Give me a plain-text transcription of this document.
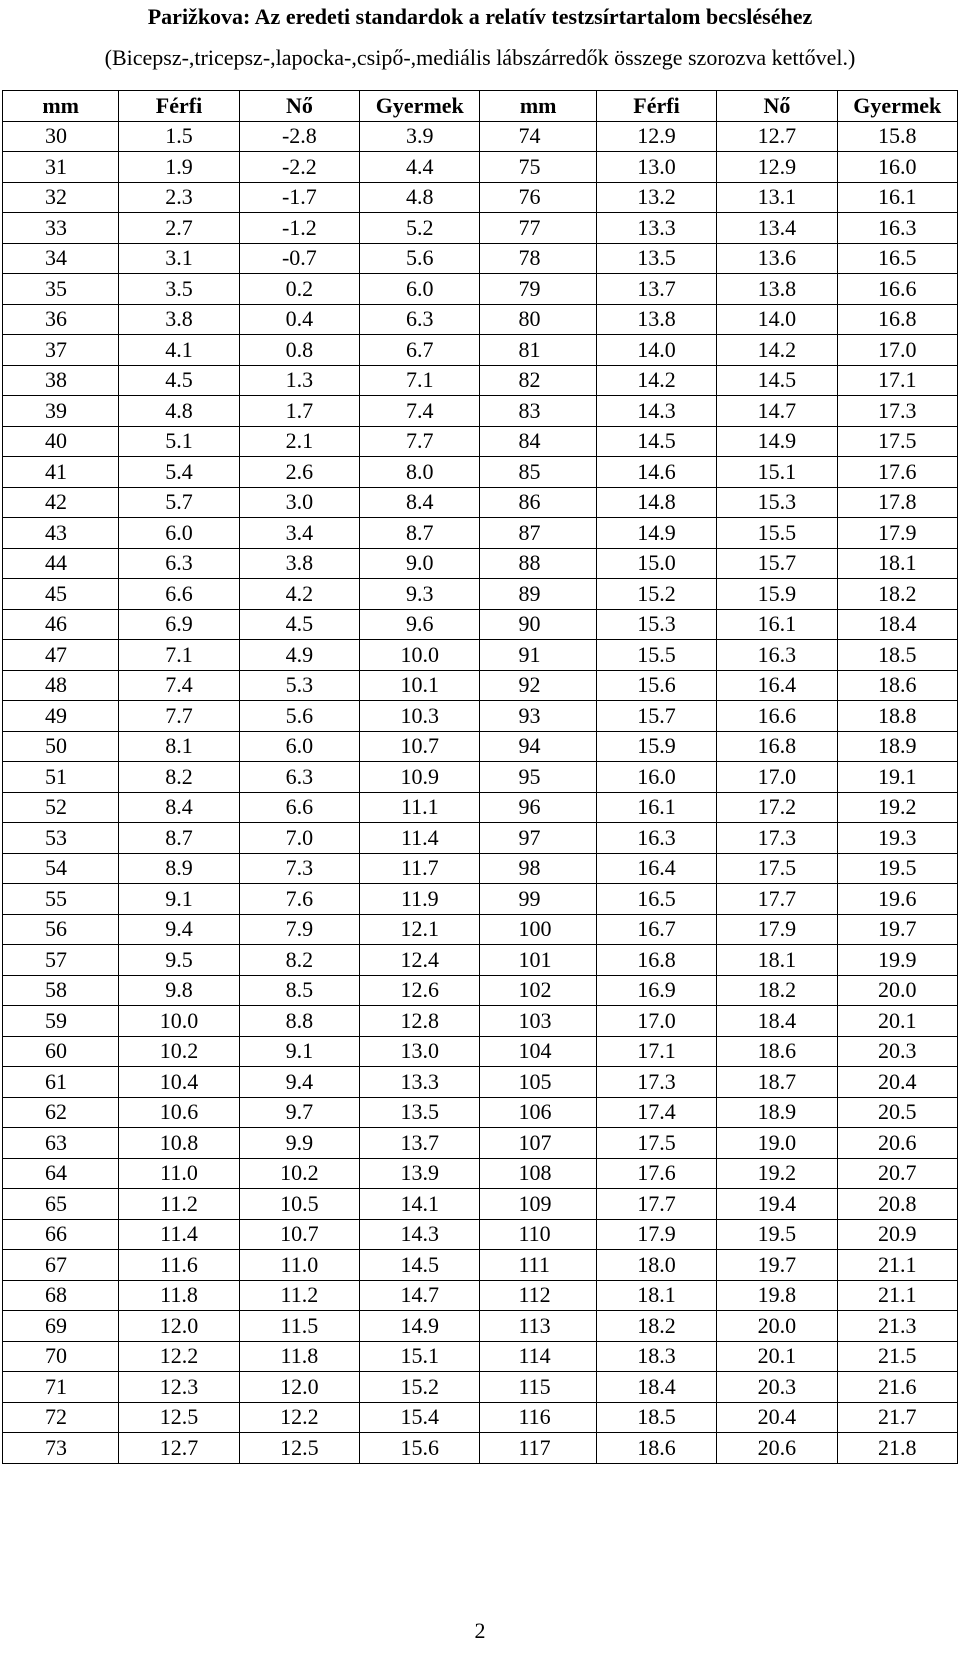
Parižkova: Az eredeti standardok a relatív testzsírtartalom becsléséhez

(Bicepsz-,tricepsz-,lapocka-,csipő-,mediális lábszárredők összege szorozva kettővel.)

mm	Férfi	Nő	Gyermek	mm	Férfi	Nő	Gyermek
30	1.5	-2.8	3.9	74	12.9	12.7	15.8
31	1.9	-2.2	4.4	75	13.0	12.9	16.0
32	2.3	-1.7	4.8	76	13.2	13.1	16.1
33	2.7	-1.2	5.2	77	13.3	13.4	16.3
34	3.1	-0.7	5.6	78	13.5	13.6	16.5
35	3.5	0.2	6.0	79	13.7	13.8	16.6
36	3.8	0.4	6.3	80	13.8	14.0	16.8
37	4.1	0.8	6.7	81	14.0	14.2	17.0
38	4.5	1.3	7.1	82	14.2	14.5	17.1
39	4.8	1.7	7.4	83	14.3	14.7	17.3
40	5.1	2.1	7.7	84	14.5	14.9	17.5
41	5.4	2.6	8.0	85	14.6	15.1	17.6
42	5.7	3.0	8.4	86	14.8	15.3	17.8
43	6.0	3.4	8.7	87	14.9	15.5	17.9
44	6.3	3.8	9.0	88	15.0	15.7	18.1
45	6.6	4.2	9.3	89	15.2	15.9	18.2
46	6.9	4.5	9.6	90	15.3	16.1	18.4
47	7.1	4.9	10.0	91	15.5	16.3	18.5
48	7.4	5.3	10.1	92	15.6	16.4	18.6
49	7.7	5.6	10.3	93	15.7	16.6	18.8
50	8.1	6.0	10.7	94	15.9	16.8	18.9
51	8.2	6.3	10.9	95	16.0	17.0	19.1
52	8.4	6.6	11.1	96	16.1	17.2	19.2
53	8.7	7.0	11.4	97	16.3	17.3	19.3
54	8.9	7.3	11.7	98	16.4	17.5	19.5
55	9.1	7.6	11.9	99	16.5	17.7	19.6
56	9.4	7.9	12.1	100	16.7	17.9	19.7
57	9.5	8.2	12.4	101	16.8	18.1	19.9
58	9.8	8.5	12.6	102	16.9	18.2	20.0
59	10.0	8.8	12.8	103	17.0	18.4	20.1
60	10.2	9.1	13.0	104	17.1	18.6	20.3
61	10.4	9.4	13.3	105	17.3	18.7	20.4
62	10.6	9.7	13.5	106	17.4	18.9	20.5
63	10.8	9.9	13.7	107	17.5	19.0	20.6
64	11.0	10.2	13.9	108	17.6	19.2	20.7
65	11.2	10.5	14.1	109	17.7	19.4	20.8
66	11.4	10.7	14.3	110	17.9	19.5	20.9
67	11.6	11.0	14.5	111	18.0	19.7	21.1
68	11.8	11.2	14.7	112	18.1	19.8	21.1
69	12.0	11.5	14.9	113	18.2	20.0	21.3
70	12.2	11.8	15.1	114	18.3	20.1	21.5
71	12.3	12.0	15.2	115	18.4	20.3	21.6
72	12.5	12.2	15.4	116	18.5	20.4	21.7
73	12.7	12.5	15.6	117	18.6	20.6	21.8
2
